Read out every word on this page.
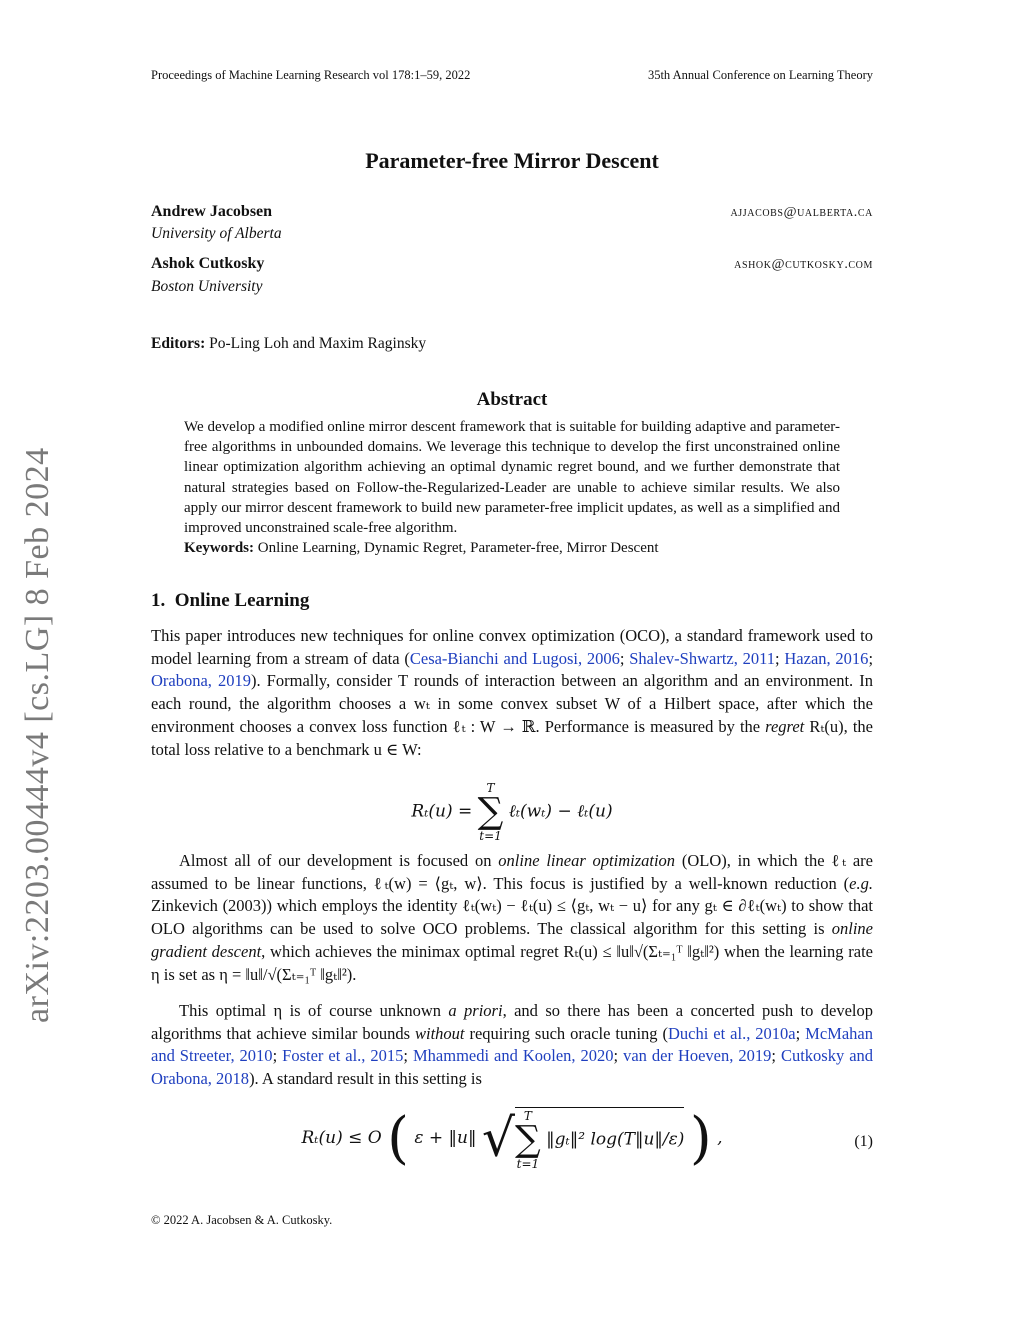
Proceedings of Machine Learning Research vol 178:1–59, 2022	35th Annual Conference on Learning Theory
arXiv:2203.00444v4 [cs.LG] 8 Feb 2024
Parameter-free Mirror Descent
Andrew Jacobsen
University of Alberta
ajjacobs@ualberta.ca
Ashok Cutkosky
Boston University
ashok@cutkosky.com
Editors: Po-Ling Loh and Maxim Raginsky
Abstract
We develop a modified online mirror descent framework that is suitable for building adaptive and parameter-free algorithms in unbounded domains. We leverage this technique to develop the first unconstrained online linear optimization algorithm achieving an optimal dynamic regret bound, and we further demonstrate that natural strategies based on Follow-the-Regularized-Leader are unable to achieve similar results. We also apply our mirror descent framework to build new parameter-free implicit updates, as well as a simplified and improved unconstrained scale-free algorithm.
Keywords: Online Learning, Dynamic Regret, Parameter-free, Mirror Descent
1. Online Learning
This paper introduces new techniques for online convex optimization (OCO), a standard framework used to model learning from a stream of data (Cesa-Bianchi and Lugosi, 2006; Shalev-Shwartz, 2011; Hazan, 2016; Orabona, 2019). Formally, consider T rounds of interaction between an algorithm and an environment. In each round, the algorithm chooses a wₜ in some convex subset W of a Hilbert space, after which the environment chooses a convex loss function ℓₜ : W → ℝ. Performance is measured by the regret Rₜ(u), the total loss relative to a benchmark u ∈ W:
Rₜ(u) =
T
∑
t=1
ℓₜ(wₜ) − ℓₜ(u)
Almost all of our development is focused on online linear optimization (OLO), in which the ℓₜ are assumed to be linear functions, ℓₜ(w) = ⟨gₜ, w⟩. This focus is justified by a well-known reduction (e.g. Zinkevich (2003)) which employs the identity ℓₜ(wₜ) − ℓₜ(u) ≤ ⟨gₜ, wₜ − u⟩ for any gₜ ∈ ∂ℓₜ(wₜ) to show that OLO algorithms can be used to solve OCO problems. The classical algorithm for this setting is online gradient descent, which achieves the minimax optimal regret Rₜ(u) ≤ ‖u‖√(Σₜ₌₁ᵀ ‖gₜ‖²) when the learning rate η is set as η = ‖u‖/√(Σₜ₌₁ᵀ ‖gₜ‖²).
This optimal η is of course unknown a priori, and so there has been a concerted push to develop algorithms that achieve similar bounds without requiring such oracle tuning (Duchi et al., 2010a; McMahan and Streeter, 2010; Foster et al., 2015; Mhammedi and Koolen, 2020; van der Hoeven, 2019; Cutkosky and Orabona, 2018). A standard result in this setting is
Rₜ(u) ≤ O ( ε + ‖u‖ √ T
∑
t=1
‖gₜ‖² log(T‖u‖/ε) ) ,	(1)
© 2022 A. Jacobsen & A. Cutkosky.
